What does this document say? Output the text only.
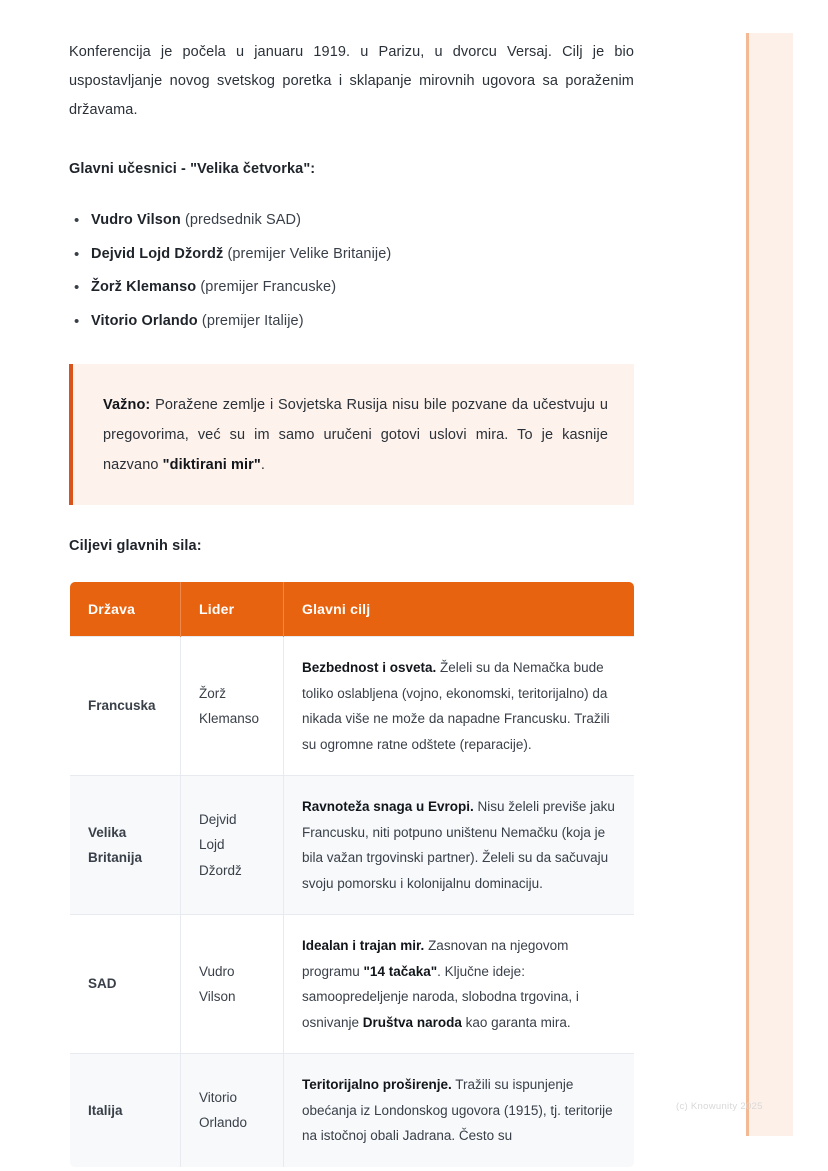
Konferencija je počela u januaru 1919. u Parizu, u dvorcu Versaj. Cilj je bio uspostavljanje novog svetskog poretka i sklapanje mirovnih ugovora sa poraženim državama.

Glavni učesnici - "Velika četvorka":
• Vudro Vilson (predsednik SAD)
• Dejvid Lojd Džordž (premijer Velike Britanije)
• Žorž Klemanso (premijer Francuske)
• Vitorio Orlando (premijer Italije)

Važno: Poražene zemlje i Sovjetska Rusija nisu bile pozvane da učestvuju u pregovorima, već su im samo uručeni gotovi uslovi mira. To je kasnije nazvano "diktirani mir".

Ciljevi glavnih sila:
Država	Lider	Glavni cilj
Francuska	Žorž Klemanso	Bezbednost i osveta. Želeli su da Nemačka bude toliko oslabljena (vojno, ekonomski, teritorijalno) da nikada više ne može da napadne Francusku. Tražili su ogromne ratne odštete (reparacije).
Velika Britanija	Dejvid Lojd Džordž	Ravnoteža snaga u Evropi. Nisu želeli previše jaku Francusku, niti potpuno uništenu Nemačku (koja je bila važan trgovinski partner). Želeli su da sačuvaju svoju pomorsku i kolonijalnu dominaciju.
SAD	Vudro Vilson	Idealan i trajan mir. Zasnovan na njegovom programu "14 tačaka". Ključne ideje: samoopredeljenje naroda, slobodna trgovina, i osnivanje Društva naroda kao garanta mira.
Italija	Vitorio Orlando	Teritorijalno proširenje. Tražili su ispunjenje obećanja iz Londonskog ugovora (1915), tj. teritorije na istočnoj obali Jadrana. Često su
(c) Knowunity 2025
